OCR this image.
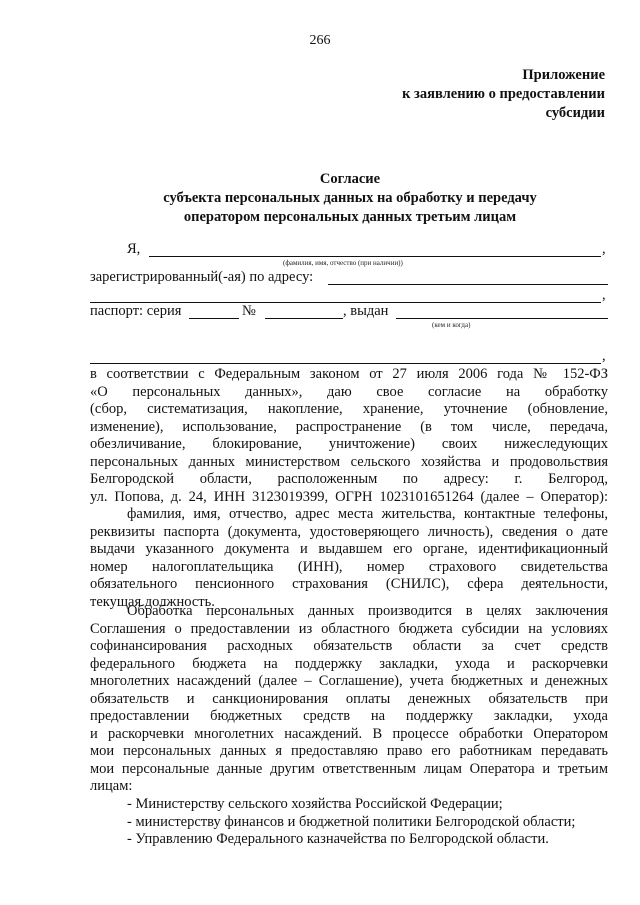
266
Приложение
к заявлению о предоставлении
субсидии
Согласие
субъекта персональных данных на обработку и передачу
оператором персональных данных третьим лицам
Я,	,
(фамилия, имя, отчество (при наличии))
зарегистрированный(-ая) по адресу:
,
паспорт: серия	№	, выдан
(кем и когда)
,
в соответствии с Федеральным законом от 27 июля 2006 года № 152-ФЗ
«О персональных данных», даю свое согласие на обработку
(сбор, систематизация, накопление, хранение, уточнение (обновление,
изменение), использование, распространение (в том числе, передача,
обезличивание, блокирование, уничтожение) своих нижеследующих
персональных данных министерством сельского хозяйства и продовольствия
Белгородской области, расположенным по адресу: г. Белгород,
ул. Попова, д. 24, ИНН 3123019399, ОГРН 1023101651264 (далее – Оператор):
фамилия, имя, отчество, адрес места жительства, контактные телефоны,
реквизиты паспорта (документа, удостоверяющего личность), сведения о дате
выдачи указанного документа и выдавшем его органе, идентификационный
номер налогоплательщика (ИНН), номер страхового свидетельства
обязательного пенсионного страхования (СНИЛС), сфера деятельности,
текущая должность.
Обработка персональных данных производится в целях заключения
Соглашения о предоставлении из областного бюджета субсидии на условиях
софинансирования расходных обязательств области за счет средств
федерального бюджета на поддержку закладки, ухода и раскорчевки
многолетних насаждений (далее – Соглашение), учета бюджетных и денежных
обязательств и санкционирования оплаты денежных обязательств при
предоставлении бюджетных средств на поддержку закладки, ухода
и раскорчевки многолетних насаждений. В процессе обработки Оператором
мои персональных данных я предоставляю право его работникам передавать
мои персональные данные другим ответственным лицам Оператора и третьим
лицам:
- Министерству сельского хозяйства Российской Федерации;
- министерству финансов и бюджетной политики Белгородской области;
- Управлению Федерального казначейства по Белгородской области.
